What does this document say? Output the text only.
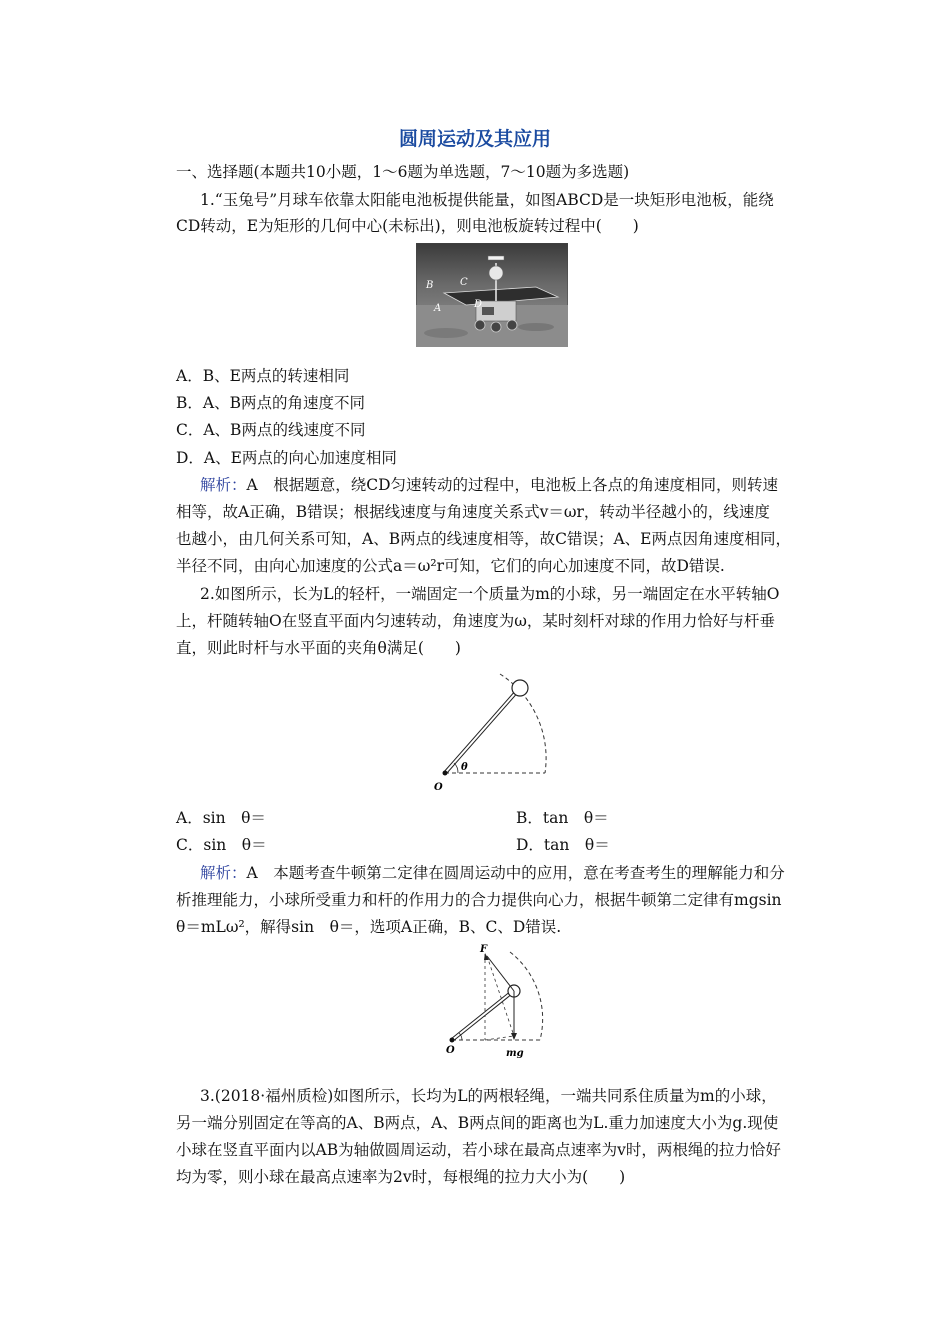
圆周运动及其应用
一、选择题(本题共10小题，1～6题为单选题，7～10题为多选题)
1.“玉兔号”月球车依靠太阳能电池板提供能量，如图ABCD是一块矩形电池板，能绕
CD转动，E为矩形的几何中心(未标出)，则电池板旋转过程中(　　)
B	C
A	D
A．B、E两点的转速相同
B．A、B两点的角速度不同
C．A、B两点的线速度不同
D．A、E两点的向心加速度相同
解析：A　根据题意，绕CD匀速转动的过程中，电池板上各点的角速度相同，则转速
相等，故A正确，B错误；根据线速度与角速度关系式v＝ωr，转动半径越小的，线速度
也越小，由几何关系可知，A、B两点的线速度相等，故C错误；A、E两点因角速度相同，
半径不同，由向心加速度的公式a＝ω²r可知，它们的向心加速度不同，故D错误.
2.如图所示，长为L的轻杆，一端固定一个质量为m的小球，另一端固定在水平转轴O
上，杆随转轴O在竖直平面内匀速转动，角速度为ω，某时刻杆对球的作用力恰好与杆垂
直，则此时杆与水平面的夹角θ满足(　　)
O
θ
A．sin　θ＝	B．tan　θ＝
C．sin　θ＝	D．tan　θ＝
解析：A　本题考查牛顿第二定律在圆周运动中的应用，意在考查考生的理解能力和分
析推理能力，小球所受重力和杆的作用力的合力提供向心力，根据牛顿第二定律有mgsin
θ＝mLω²，解得sin　θ＝，选项A正确，B、C、D错误.
F
O	mg
3.(2018·福州质检)如图所示，长均为L的两根轻绳，一端共同系住质量为m的小球，
另一端分别固定在等高的A、B两点，A、B两点间的距离也为L.重力加速度大小为g.现使
小球在竖直平面内以AB为轴做圆周运动，若小球在最高点速率为v时，两根绳的拉力恰好
均为零，则小球在最高点速率为2v时，每根绳的拉力大小为(　　)
